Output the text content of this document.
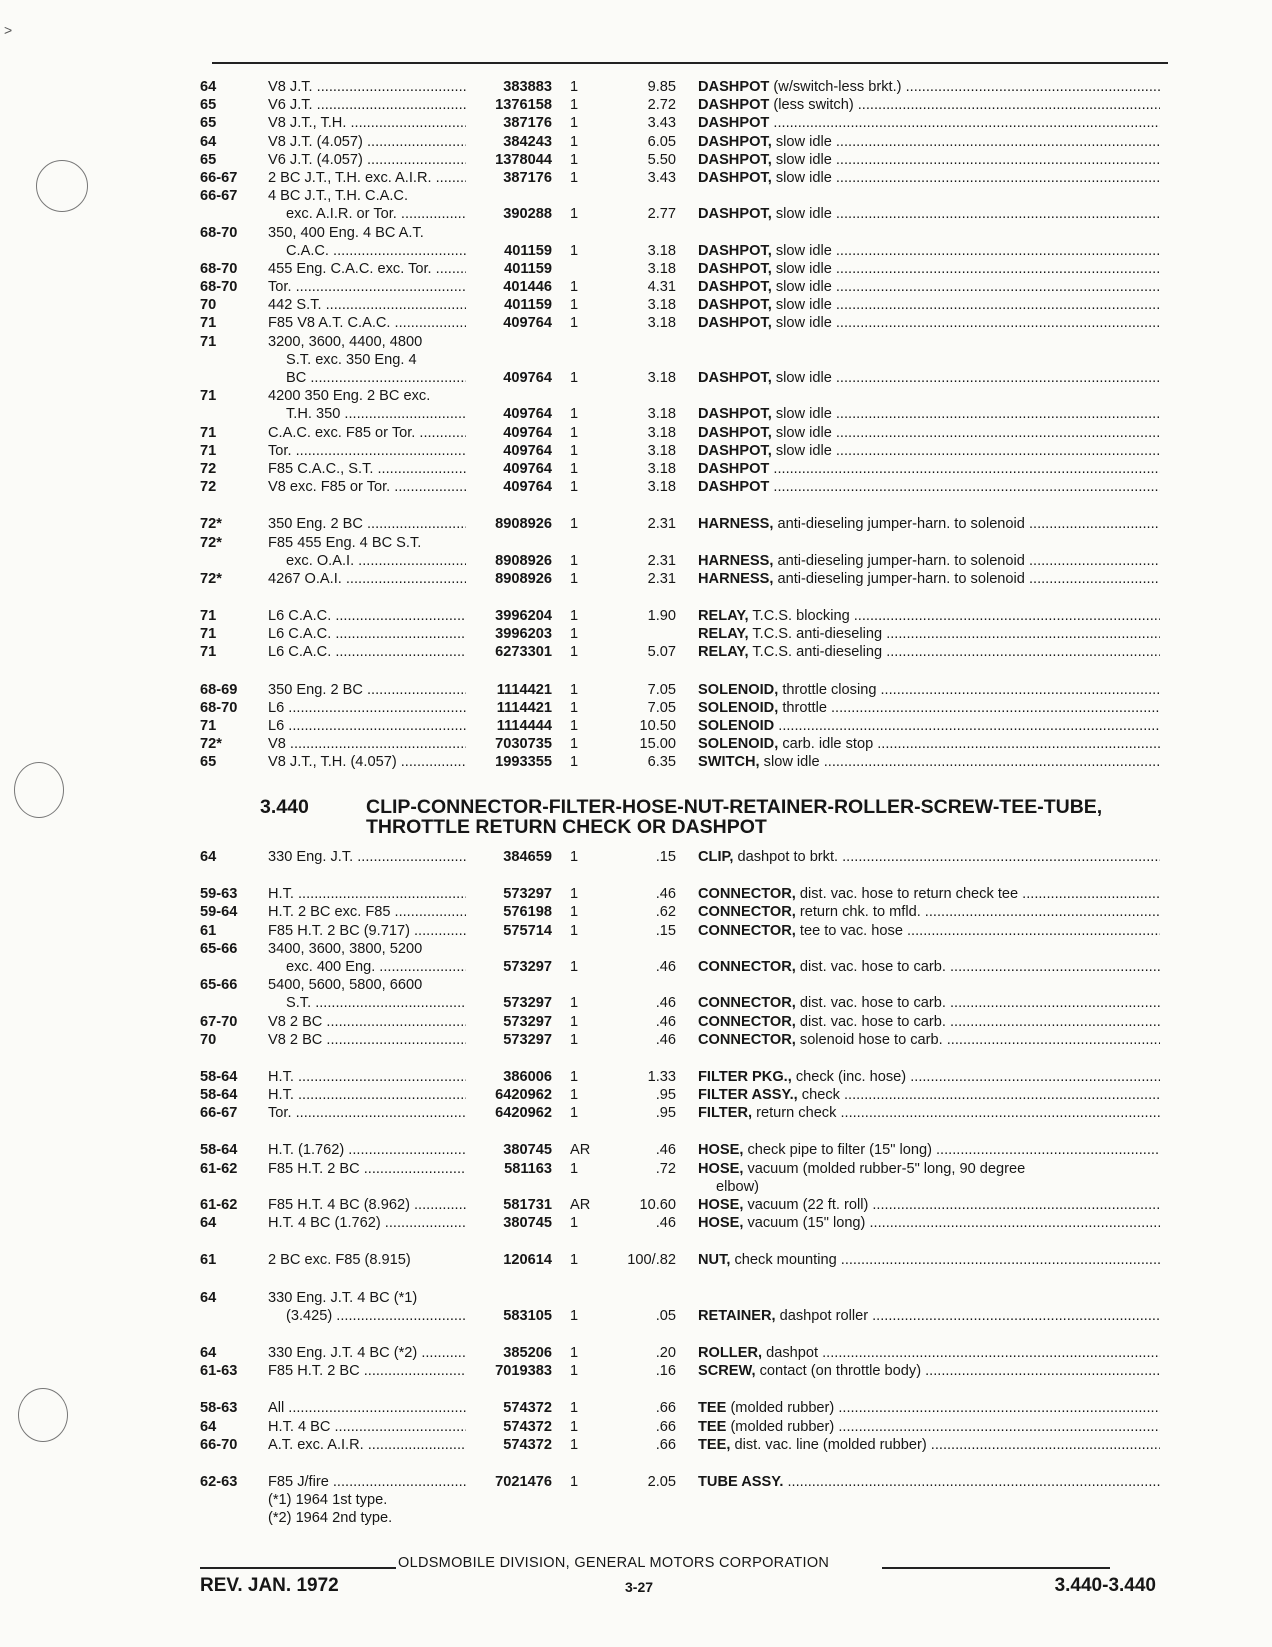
>
64	V8 J.T. .....	383883 1	9.85 DASHPOT (w/switch-less brkt.) .....
65	V6 J.T. .....	1376158 1	2.72 DASHPOT (less switch) .....
65	V8 J.T., T.H. .....	387176 1	3.43 DASHPOT .....
64	V8 J.T. (4.057) .....	384243 1	6.05 DASHPOT, slow idle .....
65	V6 J.T. (4.057) .....	1378044 1	5.50 DASHPOT, slow idle .....
66-67	2 BC J.T., T.H. exc. A.I.R. .....	387176 1	3.43 DASHPOT, slow idle .....
66-67	4 BC J.T., T.H. C.A.C.
exc. A.I.R. or Tor. .....	390288 1	2.77 DASHPOT, slow idle .....
68-70	350, 400 Eng. 4 BC A.T.
C.A.C. .....	401159 1	3.18 DASHPOT, slow idle .....
68-70	455 Eng. C.A.C. exc. Tor. .....	401159	3.18 DASHPOT, slow idle .....
68-70	Tor. .....	401446 1	4.31 DASHPOT, slow idle .....
70	442 S.T. .....	401159 1	3.18 DASHPOT, slow idle .....
71	F85 V8 A.T. C.A.C. .....	409764 1	3.18 DASHPOT, slow idle .....
71	3200, 3600, 4400, 4800
S.T. exc. 350 Eng. 4
BC .....	409764 1	3.18 DASHPOT, slow idle .....
71	4200 350 Eng. 2 BC exc.
T.H. 350 .....	409764 1	3.18 DASHPOT, slow idle .....
71	C.A.C. exc. F85 or Tor. .....	409764 1	3.18 DASHPOT, slow idle .....
71	Tor. .....	409764 1	3.18 DASHPOT, slow idle .....
72	F85 C.A.C., S.T. .....	409764 1	3.18 DASHPOT .....
72	V8 exc. F85 or Tor. .....	409764 1	3.18 DASHPOT .....
72*	350 Eng. 2 BC .....	8908926 1	2.31 HARNESS, anti-dieseling jumper-harn. to solenoid .....
72*	F85 455 Eng. 4 BC S.T.
exc. O.A.I. .....	8908926 1	2.31 HARNESS, anti-dieseling jumper-harn. to solenoid .....
72*	4267 O.A.I. .....	8908926 1	2.31 HARNESS, anti-dieseling jumper-harn. to solenoid .....
71	L6 C.A.C. .....	3996204 1	1.90 RELAY, T.C.S. blocking .....
71	L6 C.A.C. .....	3996203 1	RELAY, T.C.S. anti-dieseling .....
71	L6 C.A.C. .....	6273301 1	5.07 RELAY, T.C.S. anti-dieseling .....
68-69	350 Eng. 2 BC .....	1114421 1	7.05 SOLENOID, throttle closing .....
68-70	L6 .....	1114421 1	7.05 SOLENOID, throttle .....
71	L6 .....	1114444 1	10.50 SOLENOID .....
72*	V8 .....	7030735 1	15.00 SOLENOID, carb. idle stop .....
65	V8 J.T., T.H. (4.057) .....	1993355 1	6.35 SWITCH, slow idle .....
3.440	CLIP-CONNECTOR-FILTER-HOSE-NUT-RETAINER-ROLLER-SCREW-TEE-TUBE, THROTTLE RETURN CHECK OR DASHPOT
64	330 Eng. J.T. .....	384659 1	.15 CLIP, dashpot to brkt. .....
59-63	H.T. .....	573297 1	.46 CONNECTOR, dist. vac. hose to return check tee .....
59-64	H.T. 2 BC exc. F85 .....	576198 1	.62 CONNECTOR, return chk. to mfld. .....
61	F85 H.T. 2 BC (9.717) .....	575714 1	.15 CONNECTOR, tee to vac. hose .....
65-66	3400, 3600, 3800, 5200
exc. 400 Eng. .....	573297 1	.46 CONNECTOR, dist. vac. hose to carb. .....
65-66	5400, 5600, 5800, 6600
S.T. .....	573297 1	.46 CONNECTOR, dist. vac. hose to carb. .....
67-70	V8 2 BC .....	573297 1	.46 CONNECTOR, dist. vac. hose to carb. .....
70	V8 2 BC .....	573297 1	.46 CONNECTOR, solenoid hose to carb. .....
58-64	H.T. .....	386006 1	1.33 FILTER PKG., check (inc. hose) .....
58-64	H.T. .....	6420962 1	.95 FILTER ASSY., check .....
66-67	Tor. .....	6420962 1	.95 FILTER, return check .....
58-64	H.T. (1.762) .....	380745 AR	.46 HOSE, check pipe to filter (15" long) .....
61-62	F85 H.T. 2 BC .....	581163 1	.72 HOSE, vacuum (molded rubber-5" long, 90 degree
elbow)
61-62	F85 H.T. 4 BC (8.962) .....	581731 AR	10.60 HOSE, vacuum (22 ft. roll) .....
64	H.T. 4 BC (1.762) .....	380745 1	.46 HOSE, vacuum (15" long) .....
61	2 BC exc. F85 (8.915)	120614 1	100/.82 NUT, check mounting .....
64	330 Eng. J.T. 4 BC (*1)
(3.425) .....	583105 1	.05 RETAINER, dashpot roller .....
64	330 Eng. J.T. 4 BC (*2) .....	385206 1	.20 ROLLER, dashpot .....
61-63	F85 H.T. 2 BC .....	7019383 1	.16 SCREW, contact (on throttle body) .....
58-63	All .....	574372 1	.66 TEE (molded rubber) .....
64	H.T. 4 BC .....	574372 1	.66 TEE (molded rubber) .....
66-70	A.T. exc. A.I.R. .....	574372 1	.66 TEE, dist. vac. line (molded rubber) .....
62-63	F85 J/fire .....	7021476 1	2.05 TUBE ASSY. .....
(*1) 1964 1st type.
(*2) 1964 2nd type.
OLDSMOBILE DIVISION, GENERAL MOTORS CORPORATION
REV. JAN. 1972	3-27	3.440-3.440
